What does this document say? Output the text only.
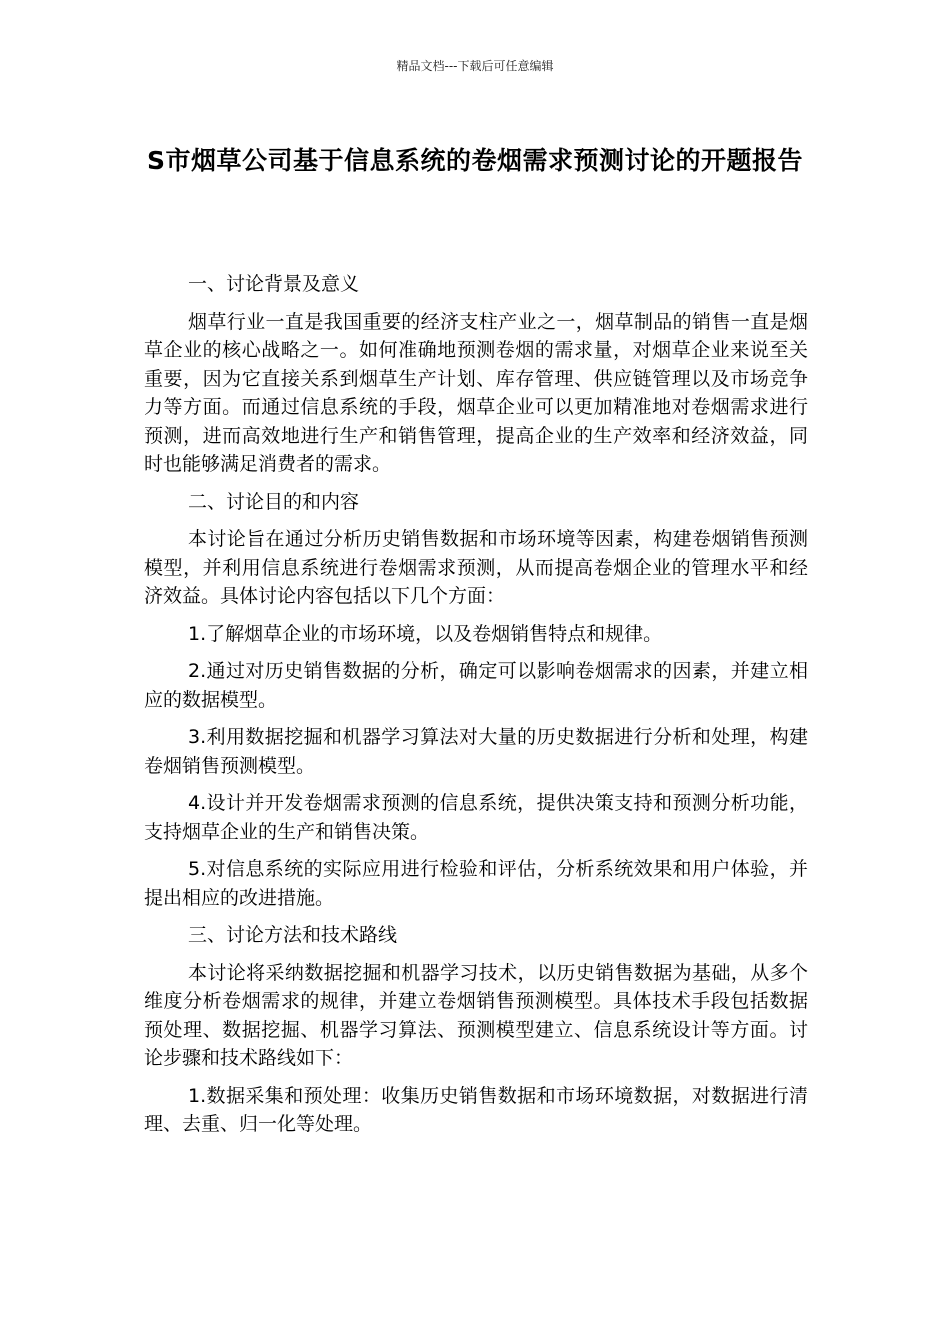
精品文档---下载后可任意编辑
S市烟草公司基于信息系统的卷烟需求预测讨论的开题报告

一、讨论背景及意义

烟草行业一直是我国重要的经济支柱产业之一，烟草制品的销售一直是烟草企业的核心战略之一。如何准确地预测卷烟的需求量，对烟草企业来说至关重要，因为它直接关系到烟草生产计划、库存管理、供应链管理以及市场竞争力等方面。而通过信息系统的手段，烟草企业可以更加精准地对卷烟需求进行预测，进而高效地进行生产和销售管理，提高企业的生产效率和经济效益，同时也能够满足消费者的需求。

二、讨论目的和内容

本讨论旨在通过分析历史销售数据和市场环境等因素，构建卷烟销售预测模型，并利用信息系统进行卷烟需求预测，从而提高卷烟企业的管理水平和经济效益。具体讨论内容包括以下几个方面：

1.了解烟草企业的市场环境，以及卷烟销售特点和规律。

2.通过对历史销售数据的分析，确定可以影响卷烟需求的因素，并建立相应的数据模型。

3.利用数据挖掘和机器学习算法对大量的历史数据进行分析和处理，构建卷烟销售预测模型。

4.设计并开发卷烟需求预测的信息系统，提供决策支持和预测分析功能，支持烟草企业的生产和销售决策。

5.对信息系统的实际应用进行检验和评估，分析系统效果和用户体验，并提出相应的改进措施。

三、讨论方法和技术路线

本讨论将采纳数据挖掘和机器学习技术，以历史销售数据为基础，从多个维度分析卷烟需求的规律，并建立卷烟销售预测模型。具体技术手段包括数据预处理、数据挖掘、机器学习算法、预测模型建立、信息系统设计等方面。讨论步骤和技术路线如下：

1.数据采集和预处理：收集历史销售数据和市场环境数据，对数据进行清理、去重、归一化等处理。
